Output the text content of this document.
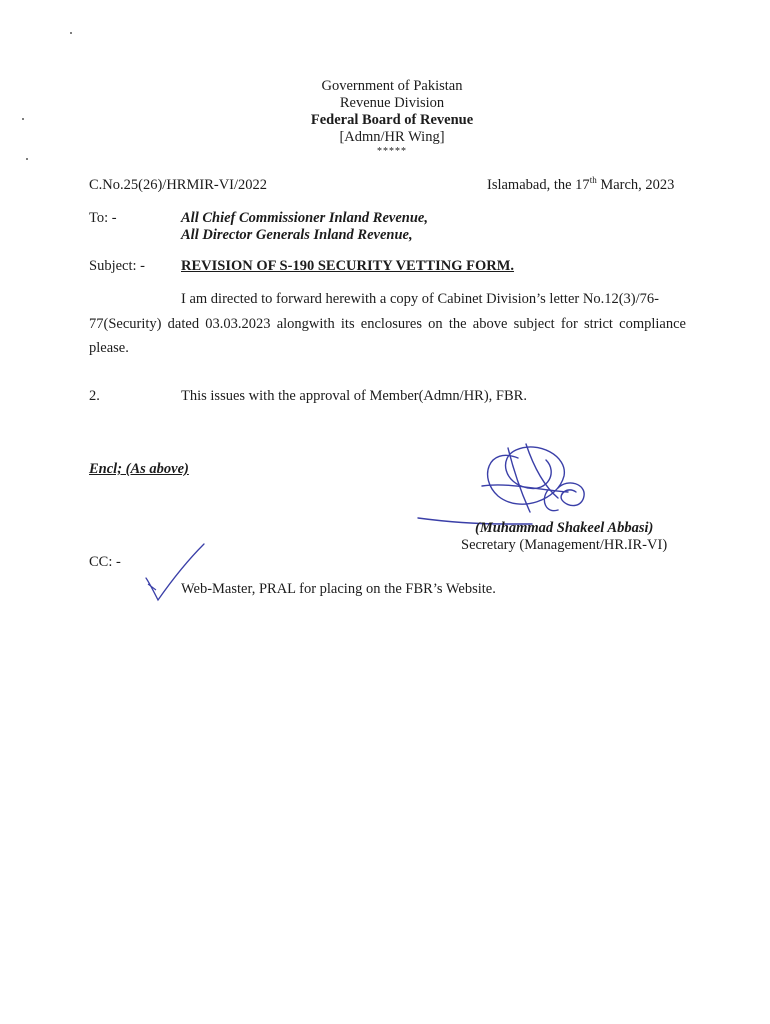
Government of Pakistan
Revenue Division
Federal Board of Revenue
[Admn/HR Wing]
*****
C.No.25(26)/HRMIR-VI/2022	Islamabad, the 17th March, 2023
To: -	All Chief Commissioner Inland Revenue,
All Director Generals Inland Revenue,
Subject: - REVISION OF S-190 SECURITY VETTING FORM.
I am directed to forward herewith a copy of Cabinet Division’s letter No.12(3)/76-
77(Security) dated 03.03.2023 alongwith its enclosures on the above subject for strict compliance please.
2.	This issues with the approval of Member(Admn/HR), FBR.
Encl; (As above)
(Muhammad Shakeel Abbasi)
Secretary (Management/HR.IR-VI)
CC: -
Web-Master, PRAL for placing on the FBR’s Website.
